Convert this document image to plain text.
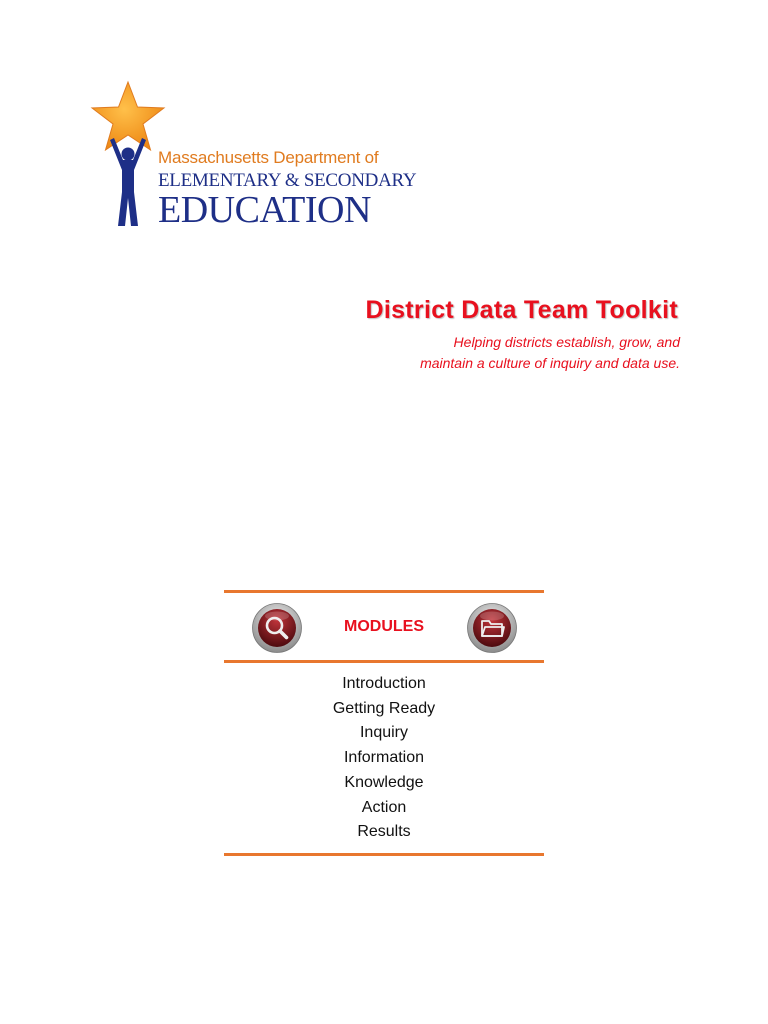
Massachusetts Department of
ELEMENTARY & SECONDARY
EDUCATION
District Data Team Toolkit
Helping districts establish, grow, and
maintain a culture of inquiry and data use.
MODULES
Introduction
Getting Ready
Inquiry
Information
Knowledge
Action
Results
